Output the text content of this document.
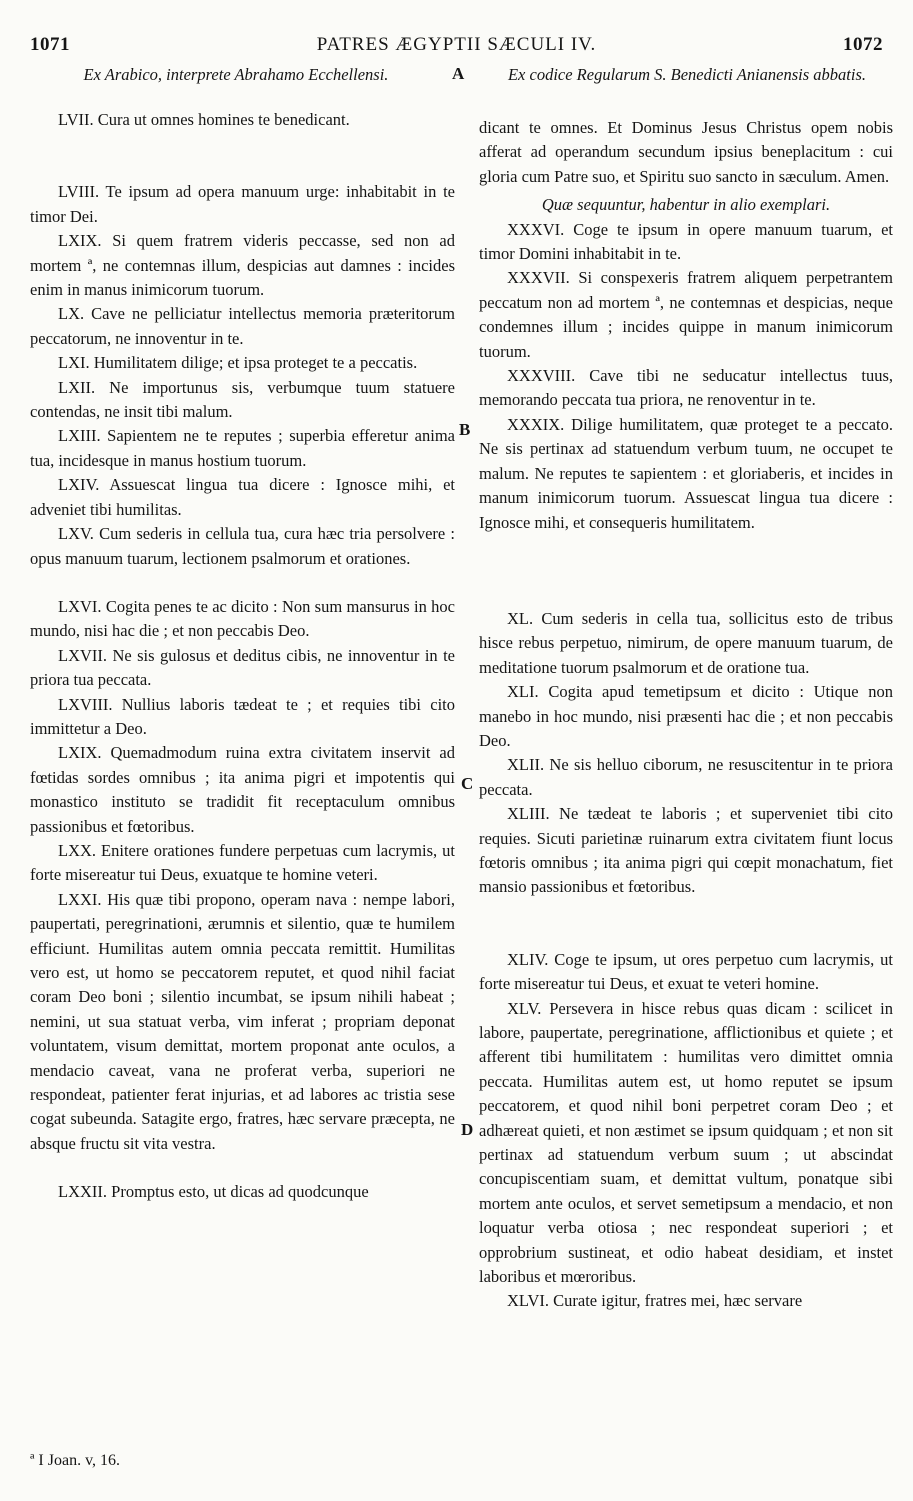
1071	PATRES ÆGYPTII SÆCULI IV.	1072
Ex Arabico, interprete Abrahamo Ecchellensi.	A	Ex codice Regularum S. Benedicti Anianensis abbatis.

LVII. Cura ut omnes homines te benedicant.

LVIII. Te ipsum ad opera manuum urge: inhabitabit in te timor Dei.

LXIX. Si quem fratrem videris peccasse, sed non ad mortem ª, ne contemnas illum, despicias aut damnes : incides enim in manus inimicorum tuorum.

LX. Cave ne pelliciatur intellectus memoria præteritorum peccatorum, ne innoventur in te.

LXI. Humilitatem dilige; et ipsa proteget te a peccatis.

LXII. Ne importunus sis, verbumque tuum statuere contendas, ne insit tibi malum.

LXIII. Sapientem ne te reputes ; superbia efferetur anima tua, incidesque in manus hostium tuorum.

LXIV. Assuescat lingua tua dicere : Ignosce mihi, et adveniet tibi humilitas.

LXV. Cum sederis in cellula tua, cura hæc tria persolvere : opus manuum tuarum, lectionem psalmorum et orationes.

LXVI. Cogita penes te ac dicito : Non sum mansurus in hoc mundo, nisi hac die ; et non peccabis Deo.

LXVII. Ne sis gulosus et deditus cibis, ne innoventur in te priora tua peccata.

LXVIII. Nullius laboris tædeat te ; et requies tibi cito immittetur a Deo.

LXIX. Quemadmodum ruina extra civitatem inservit ad fœtidas sordes omnibus ; ita anima pigri et impotentis qui monastico instituto se tradidit fit receptaculum omnibus passionibus et fœtoribus.

LXX. Enitere orationes fundere perpetuas cum lacrymis, ut forte misereatur tui Deus, exuatque te homine veteri.

LXXI. His quæ tibi propono, operam nava : nempe labori, paupertati, peregrinationi, ærumnis et silentio, quæ te humilem efficiunt. Humilitas autem omnia peccata remittit. Humilitas vero est, ut homo se peccatorem reputet, et quod nihil faciat coram Deo boni ; silentio incumbat, se ipsum nihili habeat ; nemini, ut sua statuat verba, vim inferat ; propriam deponat voluntatem, visum demittat, mortem proponat ante oculos, a mendacio caveat, vana ne proferat verba, superiori ne respondeat, patienter ferat injurias, et ad labores ac tristia sese cogat subeunda. Satagite ergo, fratres, hæc servare præcepta, ne absque fructu sit vita vestra.

LXXII. Promptus esto, ut dicas ad quodcunque

B
C
D

dicant te omnes. Et Dominus Jesus Christus opem nobis afferat ad operandum secundum ipsius beneplacitum : cui gloria cum Patre suo, et Spiritu suo sancto in sæculum. Amen.

Quæ sequuntur, habentur in alio exemplari.

XXXVI. Coge te ipsum in opere manuum tuarum, et timor Domini inhabitabit in te.

XXXVII. Si conspexeris fratrem aliquem perpetrantem peccatum non ad mortem ª, ne contemnas et despicias, neque condemnes illum ; incides quippe in manum inimicorum tuorum.

XXXVIII. Cave tibi ne seducatur intellectus tuus, memorando peccata tua priora, ne renoventur in te.

XXXIX. Dilige humilitatem, quæ proteget te a peccato. Ne sis pertinax ad statuendum verbum tuum, ne occupet te malum. Ne reputes te sapientem : et gloriaberis, et incides in manum inimicorum tuorum. Assuescat lingua tua dicere : Ignosce mihi, et consequeris humilitatem.

XL. Cum sederis in cella tua, sollicitus esto de tribus hisce rebus perpetuo, nimirum, de opere manuum tuarum, de meditatione tuorum psalmorum et de oratione tua.

XLI. Cogita apud temetipsum et dicito : Utique non manebo in hoc mundo, nisi præsenti hac die ; et non peccabis Deo.

XLII. Ne sis helluo ciborum, ne resuscitentur in te priora peccata.

XLIII. Ne tædeat te laboris ; et superveniet tibi cito requies. Sicuti parietinæ ruinarum extra civitatem fiunt locus fœtoris omnibus ; ita anima pigri qui cœpit monachatum, fiet mansio passionibus et fœtoribus.

XLIV. Coge te ipsum, ut ores perpetuo cum lacrymis, ut forte misereatur tui Deus, et exuat te veteri homine.

XLV. Persevera in hisce rebus quas dicam : scilicet in labore, paupertate, peregrinatione, afflictionibus et quiete ; et afferent tibi humilitatem : humilitas vero dimittet omnia peccata. Humilitas autem est, ut homo reputet se ipsum peccatorem, et quod nihil boni perpetret coram Deo ; et adhæreat quieti, et non æstimet se ipsum quidquam ; et non sit pertinax ad statuendum verbum suum ; ut abscindat concupiscentiam suam, et demittat vultum, ponatque sibi mortem ante oculos, et servet semetipsum a mendacio, et non loquatur verba otiosa ; nec respondeat superiori ; et opprobrium sustineat, et odio habeat desidiam, et instet laboribus et mœroribus.

XLVI. Curate igitur, fratres mei, hæc servare

ª I Joan. v, 16.
